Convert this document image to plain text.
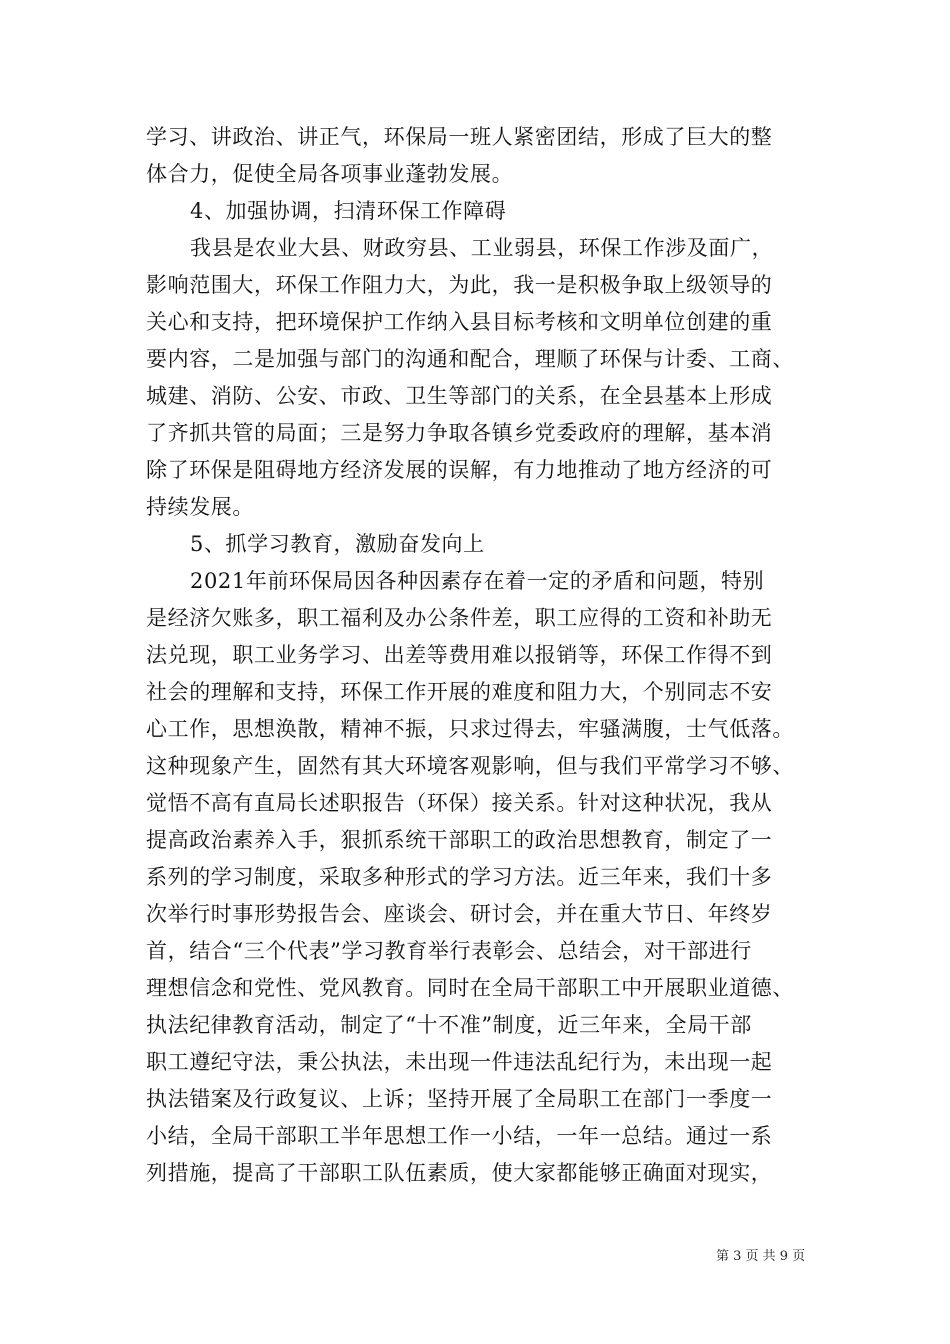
学习、讲政治、讲正气，环保局一班人紧密团结，形成了巨大的整
体合力，促使全局各项事业蓬勃发展。
4、加强协调，扫清环保工作障碍
我县是农业大县、财政穷县、工业弱县，环保工作涉及面广，
影响范围大，环保工作阻力大，为此，我一是积极争取上级领导的
关心和支持，把环境保护工作纳入县目标考核和文明单位创建的重
要内容，二是加强与部门的沟通和配合，理顺了环保与计委、工商、
城建、消防、公安、市政、卫生等部门的关系，在全县基本上形成
了齐抓共管的局面；三是努力争取各镇乡党委政府的理解，基本消
除了环保是阻碍地方经济发展的误解，有力地推动了地方经济的可
持续发展。
5、抓学习教育，激励奋发向上
2021年前环保局因各种因素存在着一定的矛盾和问题，特别
是经济欠账多，职工福利及办公条件差，职工应得的工资和补助无
法兑现，职工业务学习、出差等费用难以报销等，环保工作得不到
社会的理解和支持，环保工作开展的难度和阻力大，个别同志不安
心工作，思想涣散，精神不振，只求过得去，牢骚满腹，士气低落。
这种现象产生，固然有其大环境客观影响，但与我们平常学习不够、
觉悟不高有直局长述职报告（环保）接关系。针对这种状况，我从
提高政治素养入手，狠抓系统干部职工的政治思想教育，制定了一
系列的学习制度，采取多种形式的学习方法。近三年来，我们十多
次举行时事形势报告会、座谈会、研讨会，并在重大节日、年终岁
首，结合“三个代表”学习教育举行表彰会、总结会，对干部进行
理想信念和党性、党风教育。同时在全局干部职工中开展职业道德、
执法纪律教育活动，制定了“十不准”制度，近三年来，全局干部
职工遵纪守法，秉公执法，未出现一件违法乱纪行为，未出现一起
执法错案及行政复议、上诉；坚持开展了全局职工在部门一季度一
小结，全局干部职工半年思想工作一小结，一年一总结。通过一系
列措施，提高了干部职工队伍素质，使大家都能够正确面对现实，
第 3 页 共 9 页
